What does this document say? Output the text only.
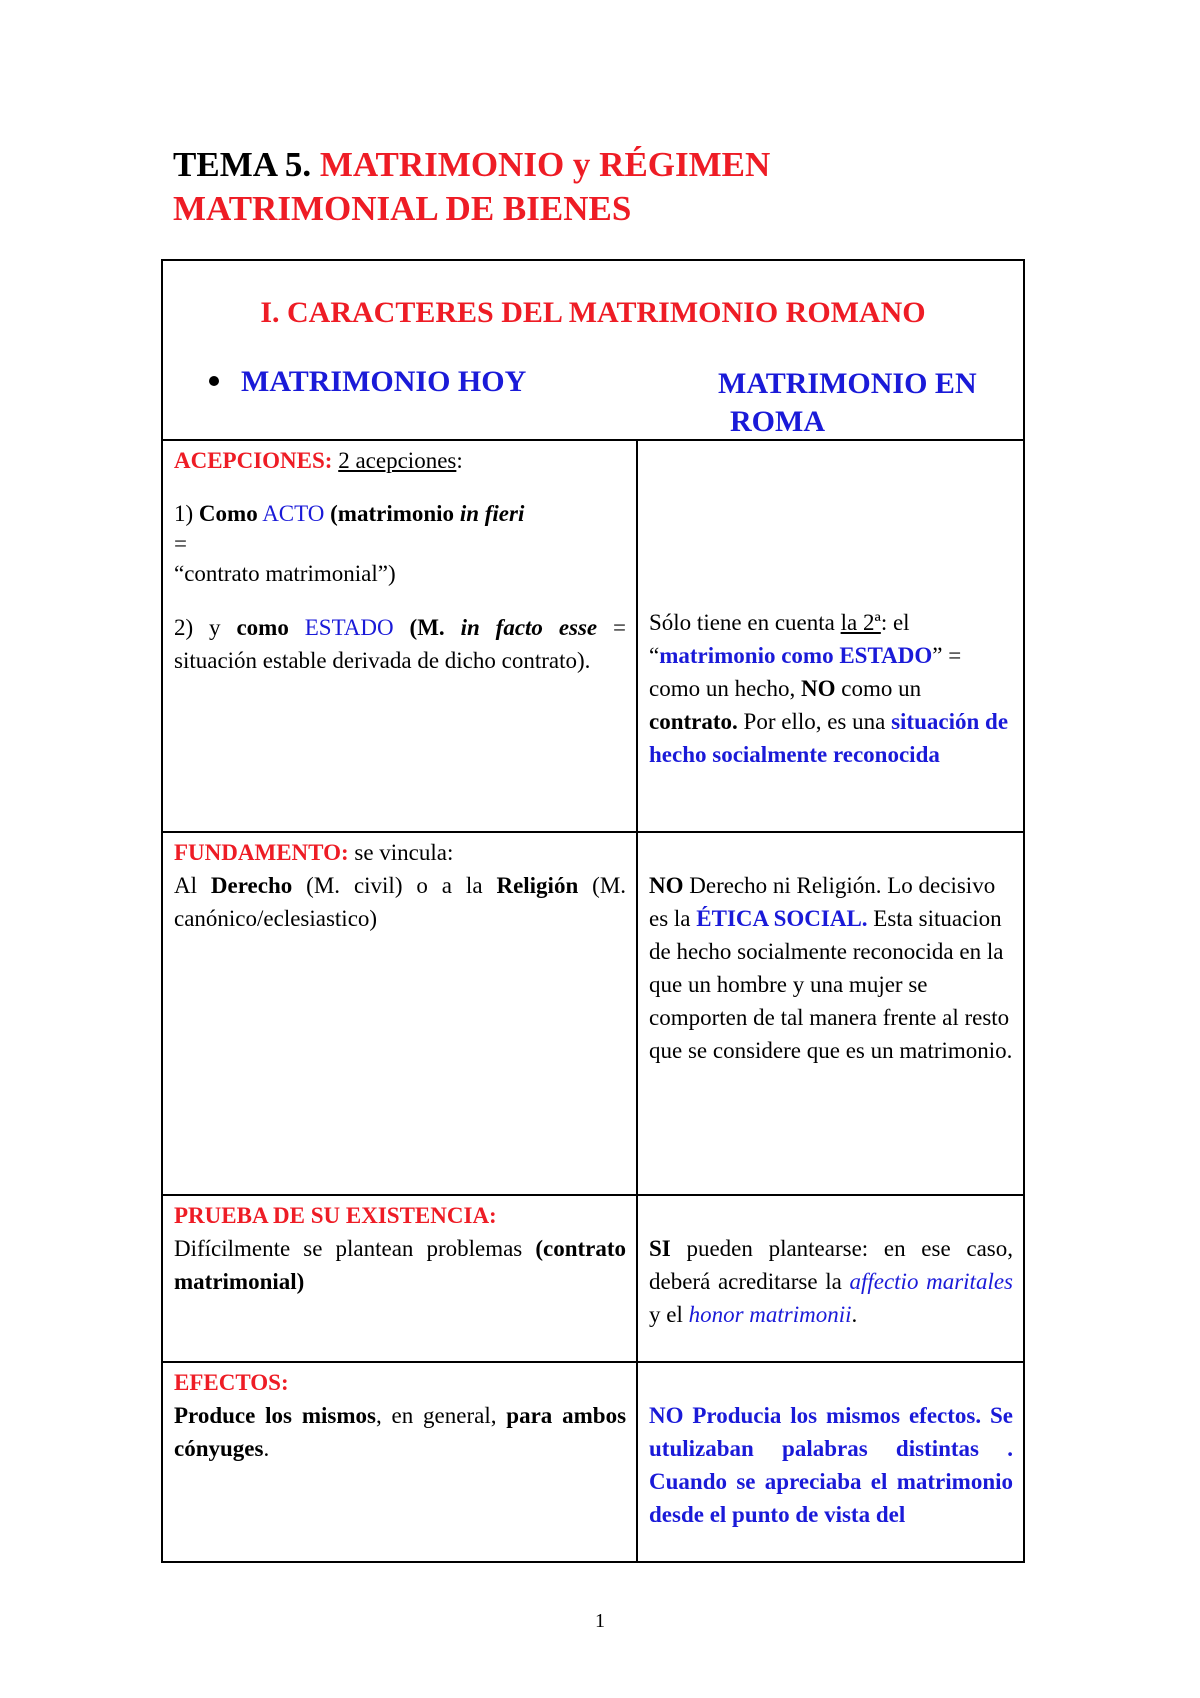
TEMA 5. MATRIMONIO y RÉGIMEN
MATRIMONIAL DE BIENES
I. CARACTERES DEL MATRIMONIO ROMANO
MATRIMONIO HOY	MATRIMONIO EN
ROMA

ACEPCIONES: 2 acepciones:

1) Como ACTO (matrimonio in fieri
=
“contrato matrimonial”)

2) y como ESTADO (M. in facto esse = situación estable derivada de dicho contrato).

Sólo tiene en cuenta la 2ª: el “matrimonio como ESTADO” = como un hecho, NO como un contrato. Por ello, es una situación de hecho socialmente reconocida

FUNDAMENTO: se vincula:
Al Derecho (M. civil) o a la Religión (M. canónico/eclesiastico)

NO Derecho ni Religión. Lo decisivo es la ÉTICA SOCIAL. Esta situacion de hecho socialmente reconocida en la que un hombre y una mujer se comporten de tal manera frente al resto que se considere que es un matrimonio.

PRUEBA DE SU EXISTENCIA:
Difícilmente se plantean problemas (contrato matrimonial)

SI pueden plantearse: en ese caso, deberá acreditarse la affectio maritales y el honor matrimonii.

EFECTOS:
Produce los mismos, en general, para ambos cónyuges.

NO Producia los mismos efectos. Se utulizaban palabras distintas . Cuando se apreciaba el matrimonio desde el punto de vista del

1
